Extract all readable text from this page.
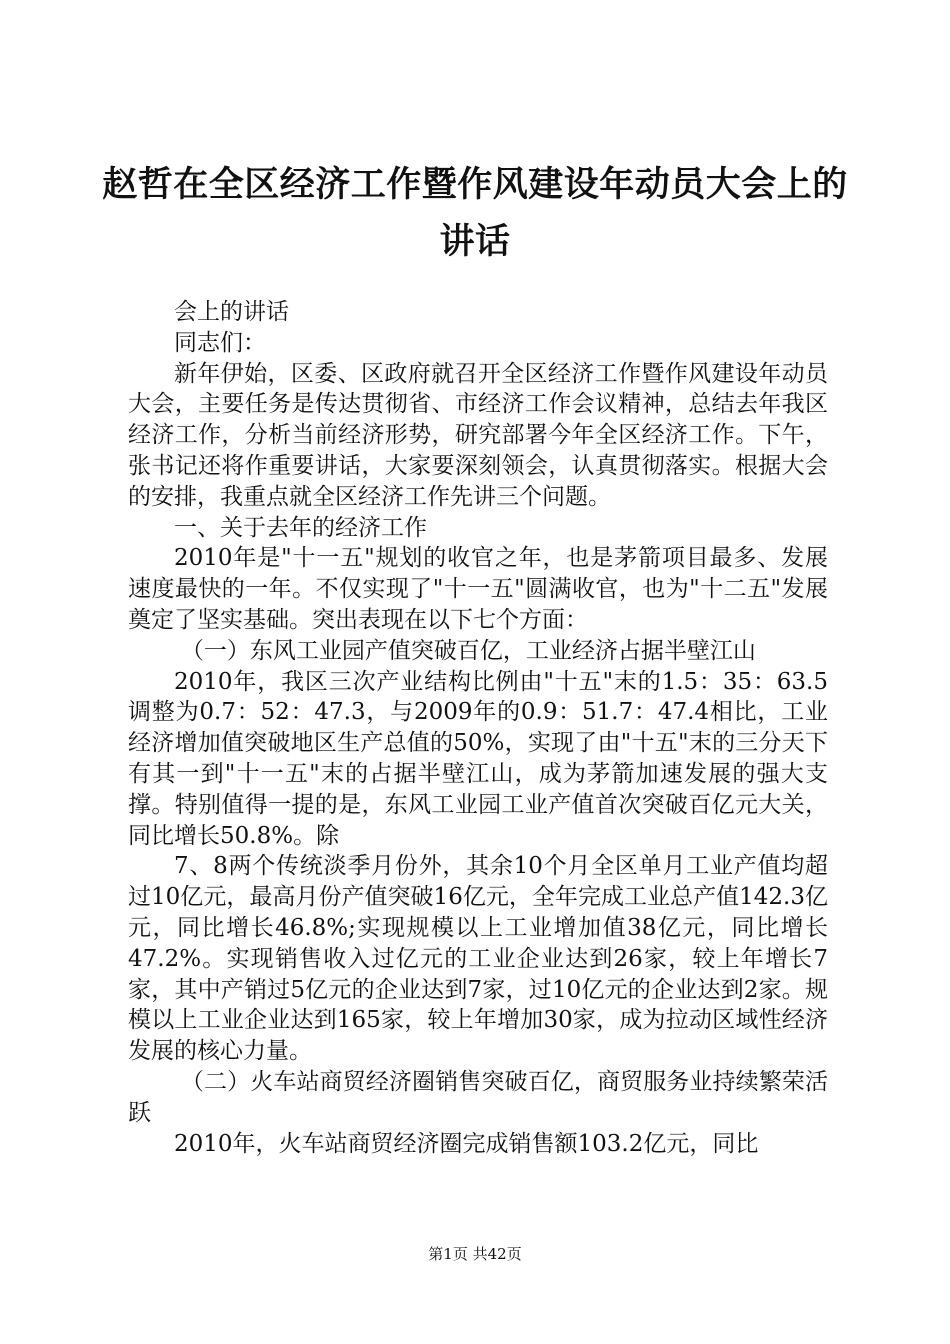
赵哲在全区经济工作暨作风建设年动员大会上的讲话

会上的讲话

同志们：

新年伊始，区委、区政府就召开全区经济工作暨作风建设年动员大会，主要任务是传达贯彻省、市经济工作会议精神，总结去年我区经济工作，分析当前经济形势，研究部署今年全区经济工作。下午，张书记还将作重要讲话，大家要深刻领会，认真贯彻落实。根据大会的安排，我重点就全区经济工作先讲三个问题。

一、关于去年的经济工作

2010年是"十一五"规划的收官之年，也是茅箭项目最多、发展速度最快的一年。不仅实现了"十一五"圆满收官，也为"十二五"发展奠定了坚实基础。突出表现在以下七个方面：

（一）东风工业园产值突破百亿，工业经济占据半壁江山

2010年，我区三次产业结构比例由"十五"末的1.5：35：63.5调整为0.7：52：47.3，与2009年的0.9：51.7：47.4相比，工业经济增加值突破地区生产总值的50%，实现了由"十五"末的三分天下有其一到"十一五"末的占据半壁江山，成为茅箭加速发展的强大支撑。特别值得一提的是，东风工业园工业产值首次突破百亿元大关，同比增长50.8%。除

7、8两个传统淡季月份外，其余10个月全区单月工业产值均超过10亿元，最高月份产值突破16亿元，全年完成工业总产值142.3亿元，同比增长46.8%;实现规模以上工业增加值38亿元，同比增长47.2%。实现销售收入过亿元的工业企业达到26家，较上年增长7家，其中产销过5亿元的企业达到7家，过10亿元的企业达到2家。规模以上工业企业达到165家，较上年增加30家，成为拉动区域性经济发展的核心力量。

（二）火车站商贸经济圈销售突破百亿，商贸服务业持续繁荣活跃

2010年，火车站商贸经济圈完成销售额103.2亿元，同比

第1页 共42页
